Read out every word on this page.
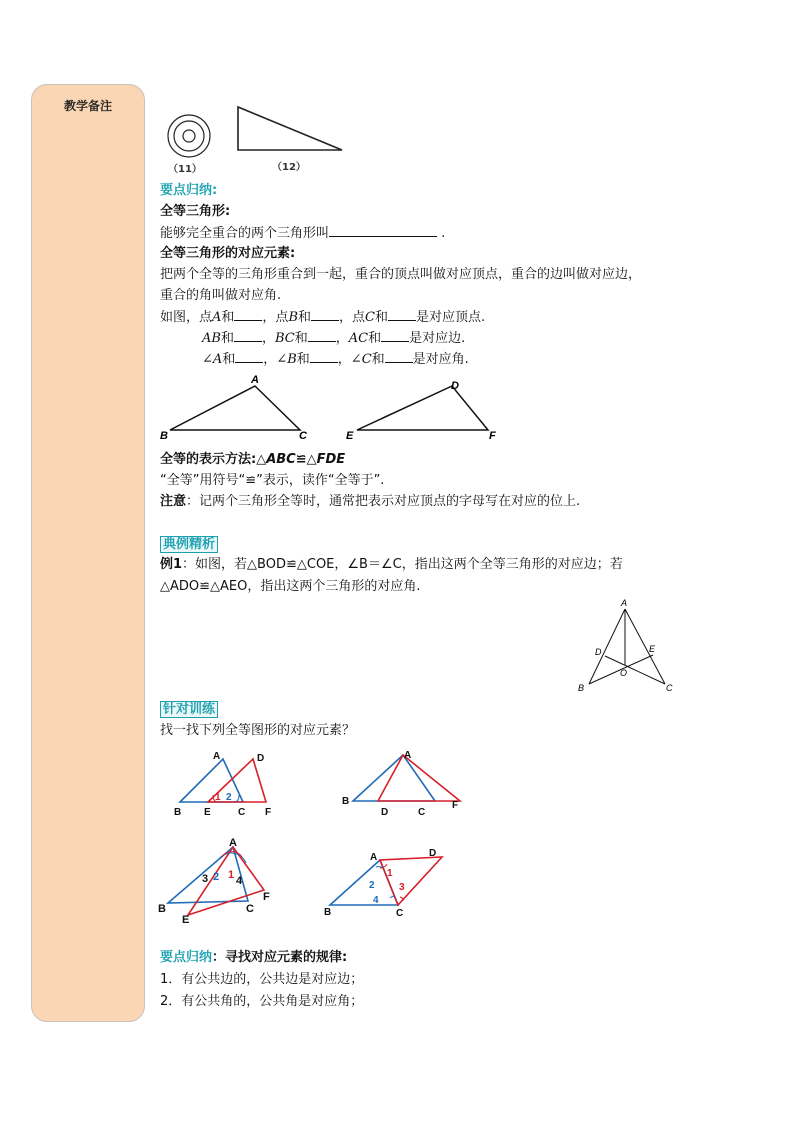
教学备注
（11）	（12）
要点归纳:
全等三角形:
能够完全重合的两个三角形叫	.
全等三角形的对应元素:
把两个全等的三角形重合到一起，重合的顶点叫做对应顶点，重合的边叫做对应边，
重合的角叫做对应角.
如图，点A和 ，点B和 ，点C和 是对应顶点.
AB和 ，BC和 ，AC和 是对应边.
∠A和 ，∠B和 ，∠C和 是对应角.
全等的表示方法:△ABC≌△FDE
“全等”用符号“≌”表示，读作“全等于”.
注意：记两个三角形全等时，通常把表示对应顶点的字母写在对应的位上.
典例精析
例1：如图，若△BOD≌△COE，∠B＝∠C，指出这两个全等三角形的对应边；若
△ADO≌△AEO，指出这两个三角形的对应角.
针对训练
找一找下列全等图形的对应元素？
要点归纳：寻找对应元素的规律:
1．有公共边的，公共边是对应边；
2．有公共角的，公共角是对应角；
A
B	C
D
E	F
A
D	E
O
B	C
A	D
B E	C F
1 2
A
B
D	C
F
A
B
E
C
F
3 2 1 4
A	D
B	C
1
2 3
4
